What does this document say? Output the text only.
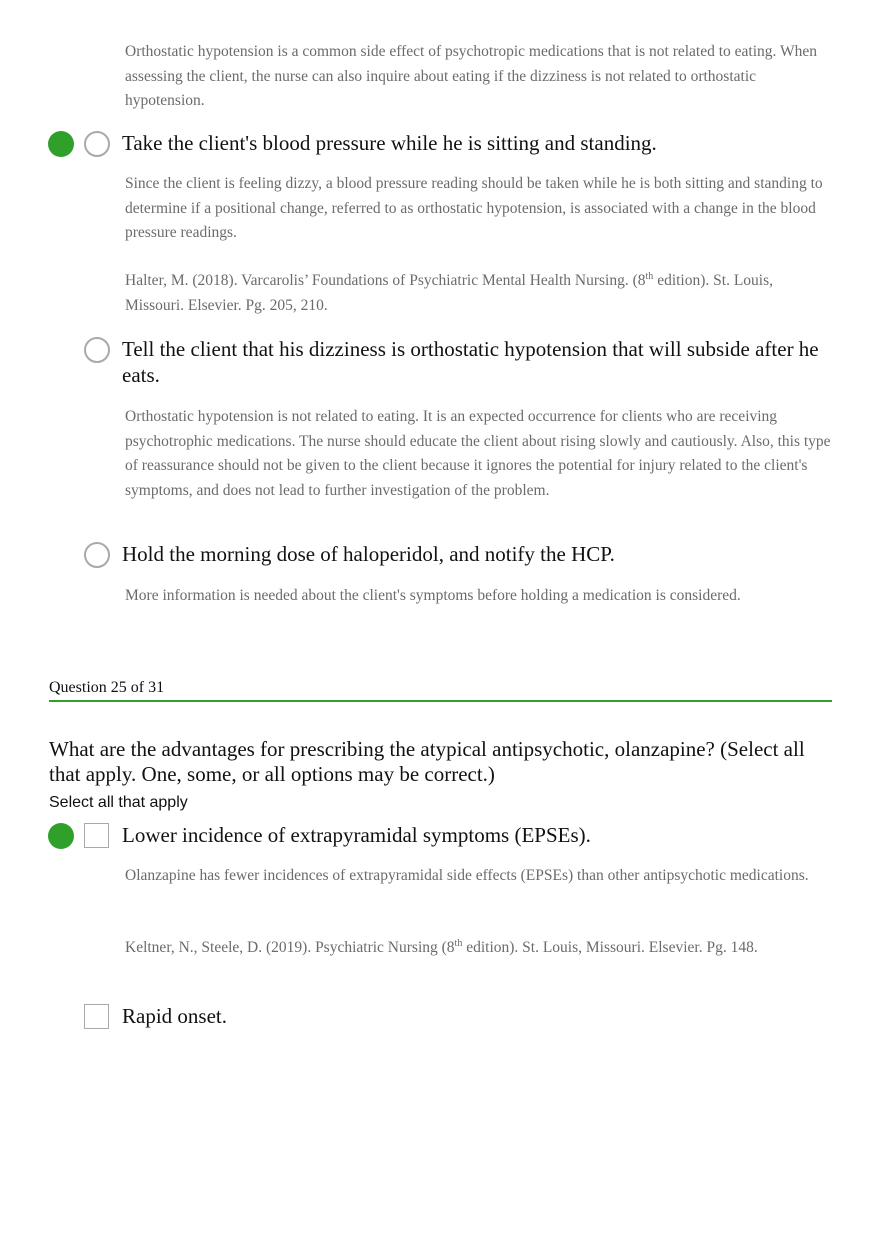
Orthostatic hypotension is a common side effect of psychotropic medications that is not related to eating. When assessing the client, the nurse can also inquire about eating if the dizziness is not related to orthostatic hypotension.

Take the client's blood pressure while he is sitting and standing.

Since the client is feeling dizzy, a blood pressure reading should be taken while he is both sitting and standing to determine if a positional change, referred to as orthostatic hypotension, is associated with a change in the blood pressure readings.

Halter, M. (2018). Varcarolis’ Foundations of Psychiatric Mental Health Nursing. (8th edition). St. Louis, Missouri. Elsevier. Pg. 205, 210.

Tell the client that his dizziness is orthostatic hypotension that will subside after he eats.

Orthostatic hypotension is not related to eating. It is an expected occurrence for clients who are receiving psychotrophic medications. The nurse should educate the client about rising slowly and cautiously. Also, this type of reassurance should not be given to the client because it ignores the potential for injury related to the client's symptoms, and does not lead to further investigation of the problem.

Hold the morning dose of haloperidol, and notify the HCP.

More information is needed about the client's symptoms before holding a medication is considered.

Question 25 of 31
What are the advantages for prescribing the atypical antipsychotic, olanzapine? (Select all that apply. One, some, or all options may be correct.)
Select all that apply
Lower incidence of extrapyramidal symptoms (EPSEs).

Olanzapine has fewer incidences of extrapyramidal side effects (EPSEs) than other antipsychotic medications.

Keltner, N., Steele, D. (2019). Psychiatric Nursing (8th edition). St. Louis, Missouri. Elsevier. Pg. 148.

Rapid onset.
